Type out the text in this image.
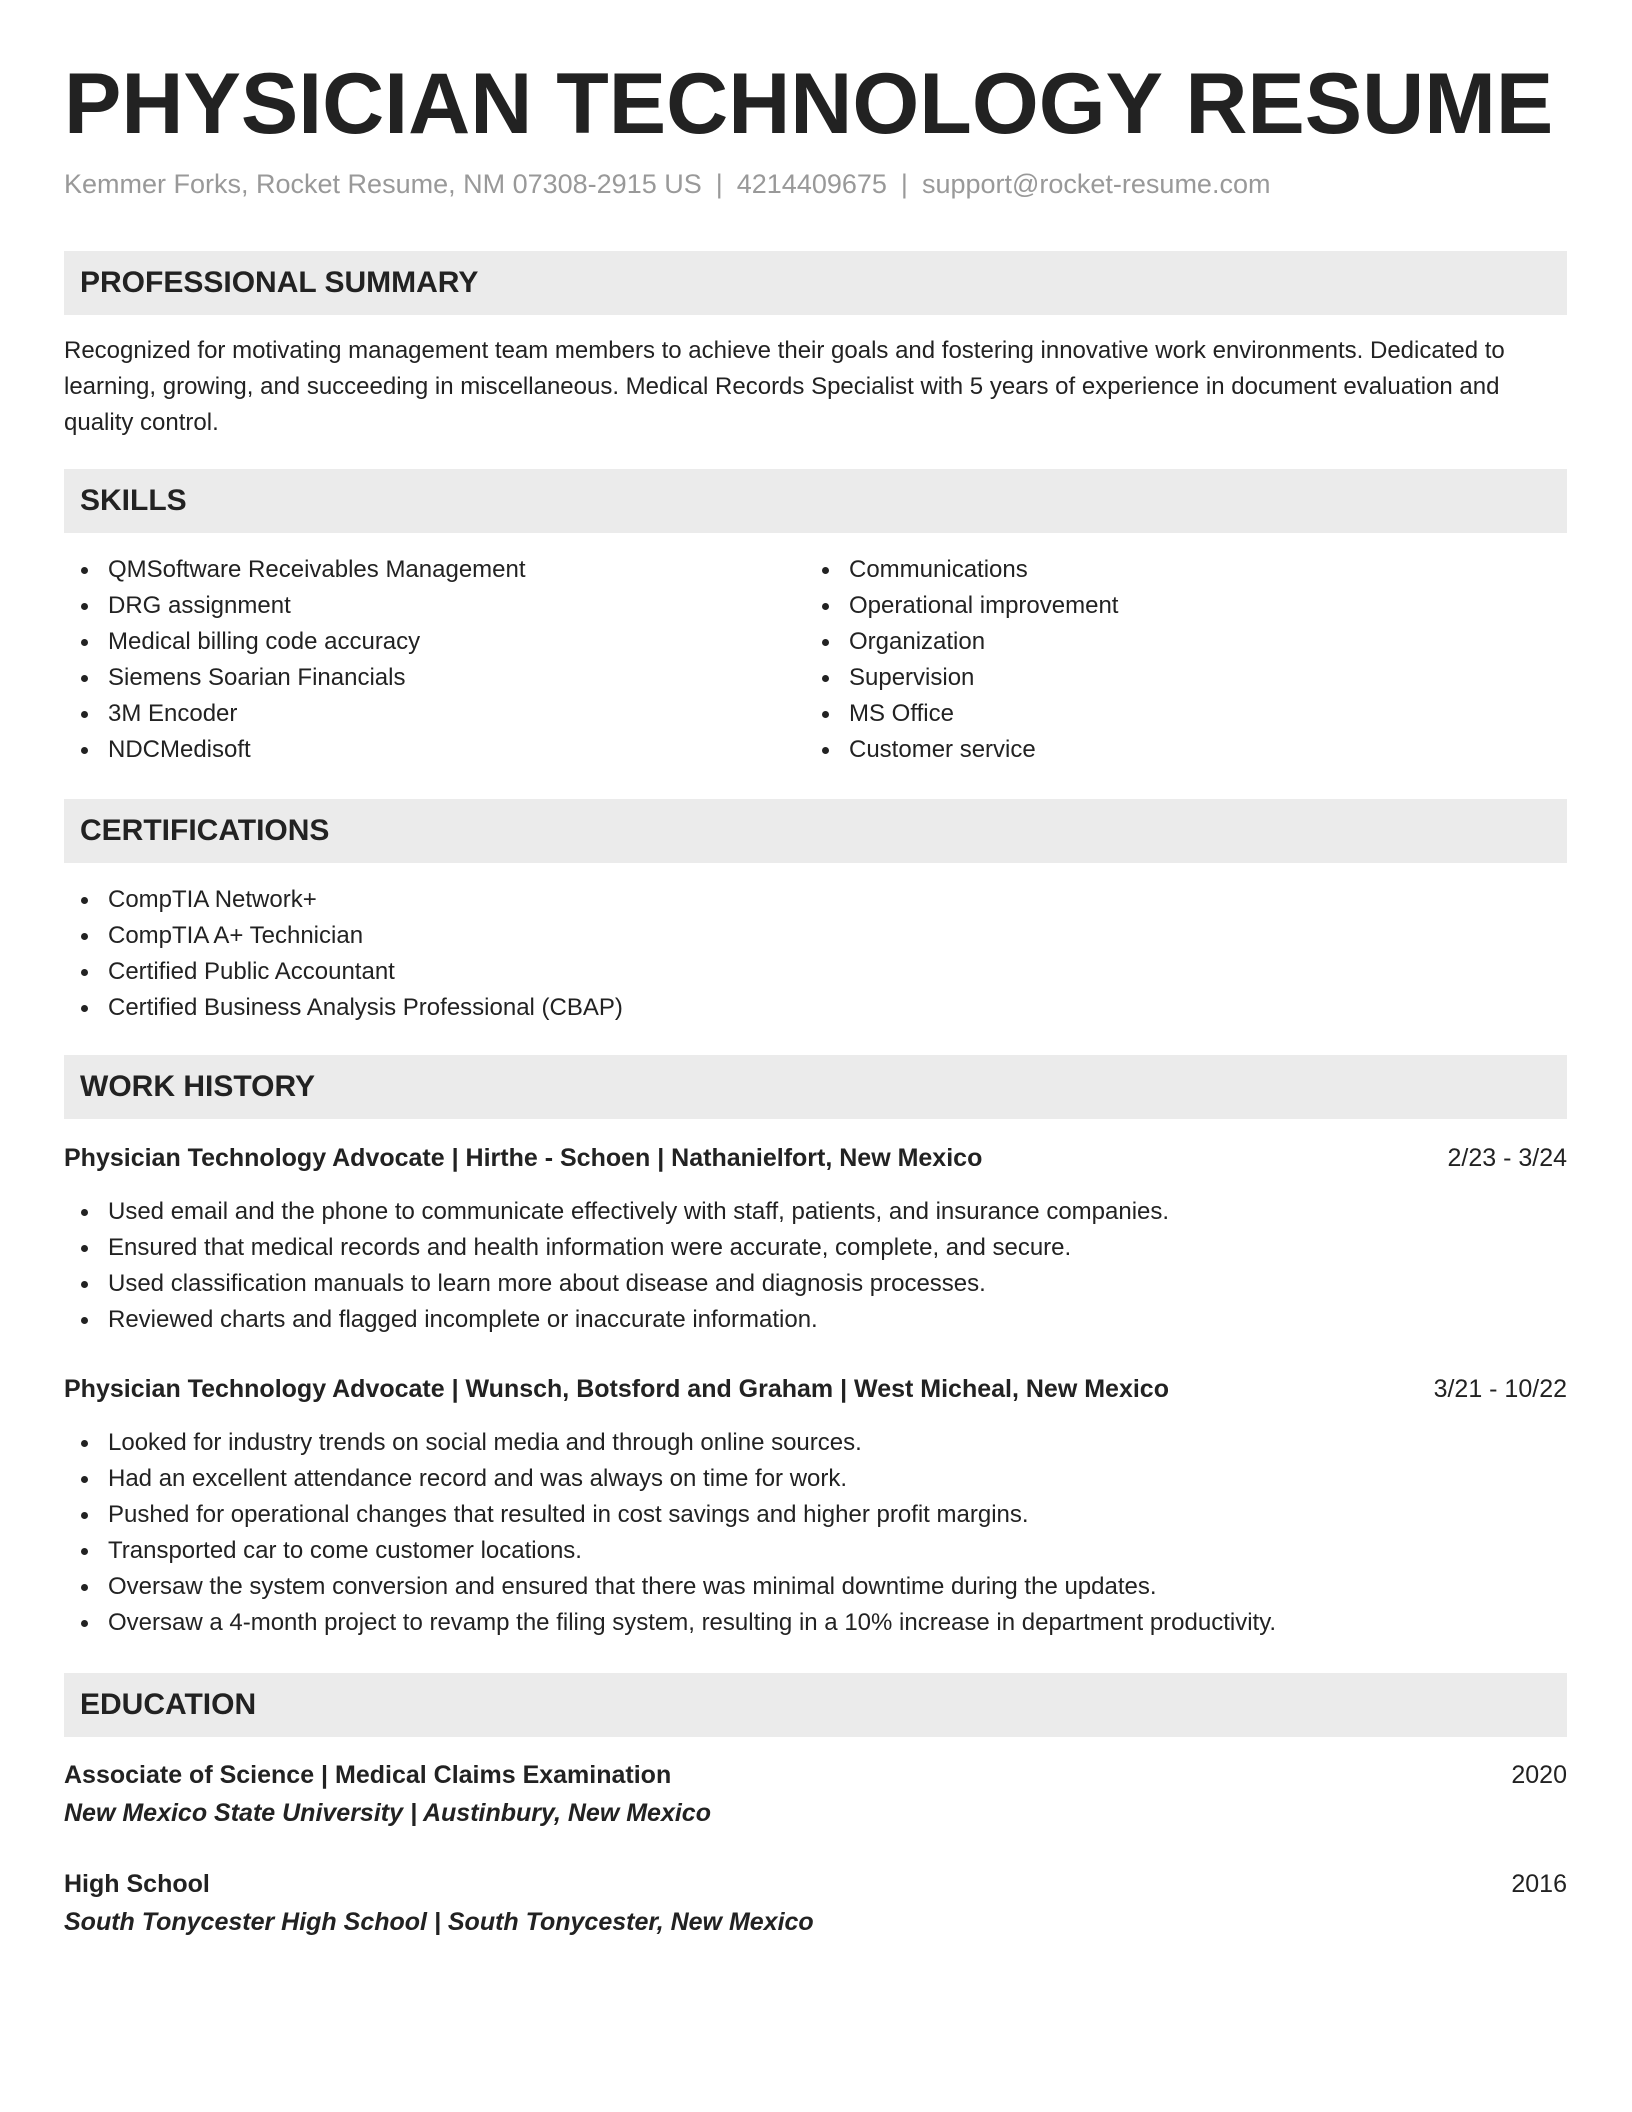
PHYSICIAN TECHNOLOGY RESUME
Kemmer Forks, Rocket Resume, NM 07308-2915 US | 4214409675 | support@rocket-resume.com
PROFESSIONAL SUMMARY
Recognized for motivating management team members to achieve their goals and fostering innovative work environments. Dedicated to learning, growing, and succeeding in miscellaneous. Medical Records Specialist with 5 years of experience in document evaluation and quality control.
SKILLS
QMSoftware Receivables Management
DRG assignment
Medical billing code accuracy
Siemens Soarian Financials
3M Encoder
NDCMedisoft
Communications
Operational improvement
Organization
Supervision
MS Office
Customer service
CERTIFICATIONS
CompTIA Network+
CompTIA A+ Technician
Certified Public Accountant
Certified Business Analysis Professional (CBAP)
WORK HISTORY
Physician Technology Advocate | Hirthe - Schoen | Nathanielfort, New Mexico	2/23 - 3/24
Used email and the phone to communicate effectively with staff, patients, and insurance companies.
Ensured that medical records and health information were accurate, complete, and secure.
Used classification manuals to learn more about disease and diagnosis processes.
Reviewed charts and flagged incomplete or inaccurate information.
Physician Technology Advocate | Wunsch, Botsford and Graham | West Micheal, New Mexico	3/21 - 10/22
Looked for industry trends on social media and through online sources.
Had an excellent attendance record and was always on time for work.
Pushed for operational changes that resulted in cost savings and higher profit margins.
Transported car to come customer locations.
Oversaw the system conversion and ensured that there was minimal downtime during the updates.
Oversaw a 4-month project to revamp the filing system, resulting in a 10% increase in department productivity.
EDUCATION
Associate of Science | Medical Claims Examination	2020
New Mexico State University | Austinbury, New Mexico
High School	2016
South Tonycester High School | South Tonycester, New Mexico
